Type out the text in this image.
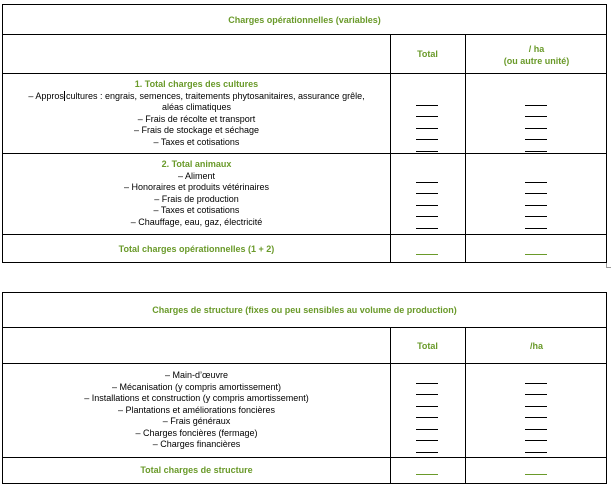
Charges opérationnelles (variables)
Total	/ ha
(ou autre unité)
1. Total charges des cultures
– Appros cultures : engrais, semences, traitements phytosanitaires, assurance grêle,
aléas climatiques
– Frais de récolte et transport
– Frais de stockage et séchage
– Taxes et cotisations
2. Total animaux
– Aliment
– Honoraires et produits vétérinaires
– Frais de production
– Taxes et cotisations
– Chauffage, eau, gaz, électricité
Total charges opérationnelles (1 + 2)
Charges de structure (fixes ou peu sensibles au volume de production)
Total	/ha
– Main-d’œuvre
– Mécanisation (y compris amortissement)
– Installations et construction (y compris amortissement)
– Plantations et améliorations foncières
– Frais généraux
– Charges foncières (fermage)
– Charges financières
Total charges de structure
